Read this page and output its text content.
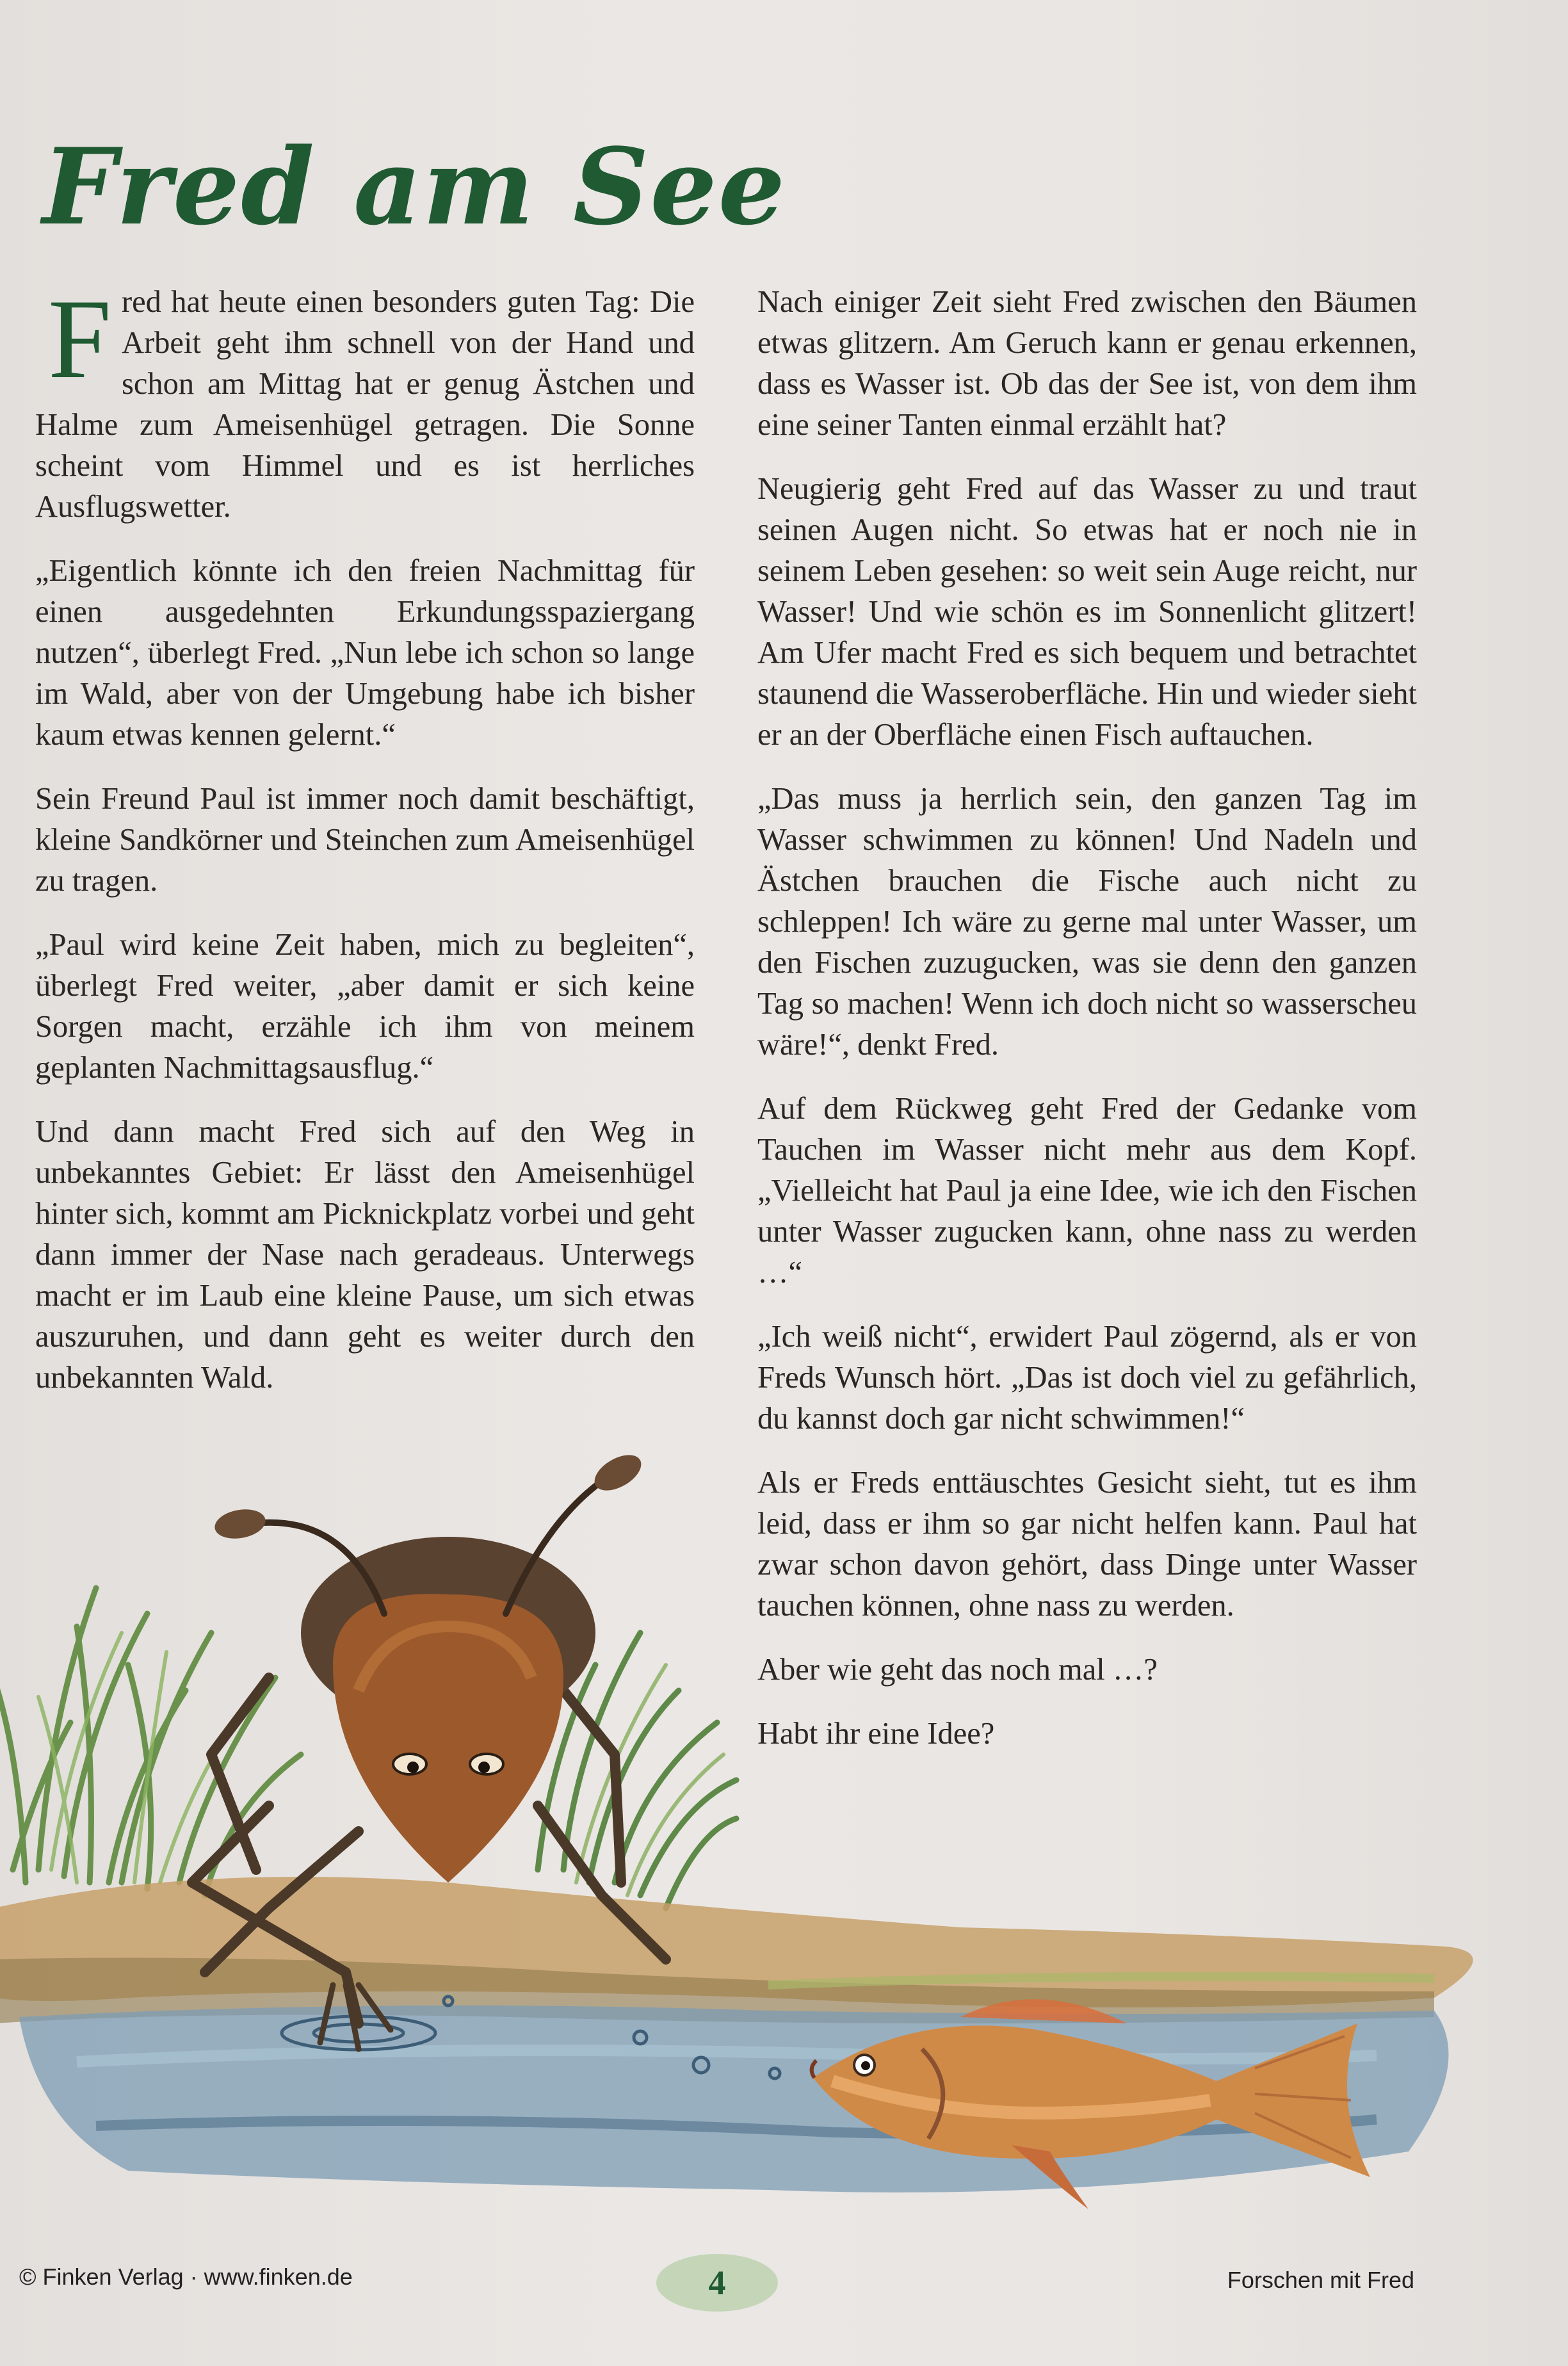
Fred am See

Fred hat heute einen besonders guten Tag: Die Arbeit geht ihm schnell von der Hand und schon am Mittag hat er genug Ästchen und Halme zum Ameisenhügel getragen. Die Sonne scheint vom Himmel und es ist herrliches Ausflugswetter.

„Eigentlich könnte ich den freien Nachmittag für einen ausgedehnten Erkundungsspaziergang nutzen“, überlegt Fred. „Nun lebe ich schon so lange im Wald, aber von der Umgebung habe ich bisher kaum etwas kennen gelernt.“

Sein Freund Paul ist immer noch damit beschäftigt, kleine Sandkörner und Steinchen zum Ameisenhügel zu tragen.

„Paul wird keine Zeit haben, mich zu begleiten“, überlegt Fred weiter, „aber damit er sich keine Sorgen macht, erzähle ich ihm von meinem geplanten Nachmittagsausflug.“

Und dann macht Fred sich auf den Weg in unbekanntes Gebiet: Er lässt den Ameisenhügel hinter sich, kommt am Picknickplatz vorbei und geht dann immer der Nase nach geradeaus. Unterwegs macht er im Laub eine kleine Pause, um sich etwas auszuruhen, und dann geht es weiter durch den unbekannten Wald.

Nach einiger Zeit sieht Fred zwischen den Bäumen etwas glitzern. Am Geruch kann er genau erkennen, dass es Wasser ist. Ob das der See ist, von dem ihm eine seiner Tanten einmal erzählt hat?

Neugierig geht Fred auf das Wasser zu und traut seinen Augen nicht. So etwas hat er noch nie in seinem Leben gesehen: so weit sein Auge reicht, nur Wasser! Und wie schön es im Sonnenlicht glitzert! Am Ufer macht Fred es sich bequem und betrachtet staunend die Wasseroberfläche. Hin und wieder sieht er an der Oberfläche einen Fisch auftauchen.

„Das muss ja herrlich sein, den ganzen Tag im Wasser schwimmen zu können! Und Nadeln und Ästchen brauchen die Fische auch nicht zu schleppen! Ich wäre zu gerne mal unter Wasser, um den Fischen zuzugucken, was sie denn den ganzen Tag so machen! Wenn ich doch nicht so wasserscheu wäre!“, denkt Fred.

Auf dem Rückweg geht Fred der Gedanke vom Tauchen im Wasser nicht mehr aus dem Kopf. „Vielleicht hat Paul ja eine Idee, wie ich den Fischen unter Wasser zugucken kann, ohne nass zu werden …“

„Ich weiß nicht“, erwidert Paul zögernd, als er von Freds Wunsch hört. „Das ist doch viel zu gefährlich, du kannst doch gar nicht schwimmen!“

Als er Freds enttäuschtes Gesicht sieht, tut es ihm leid, dass er ihm so gar nicht helfen kann. Paul hat zwar schon davon gehört, dass Dinge unter Wasser tauchen können, ohne nass zu werden.

Aber wie geht das noch mal …?

Habt ihr eine Idee?

© Finken Verlag · www.finken.de	4	Forschen mit Fred
